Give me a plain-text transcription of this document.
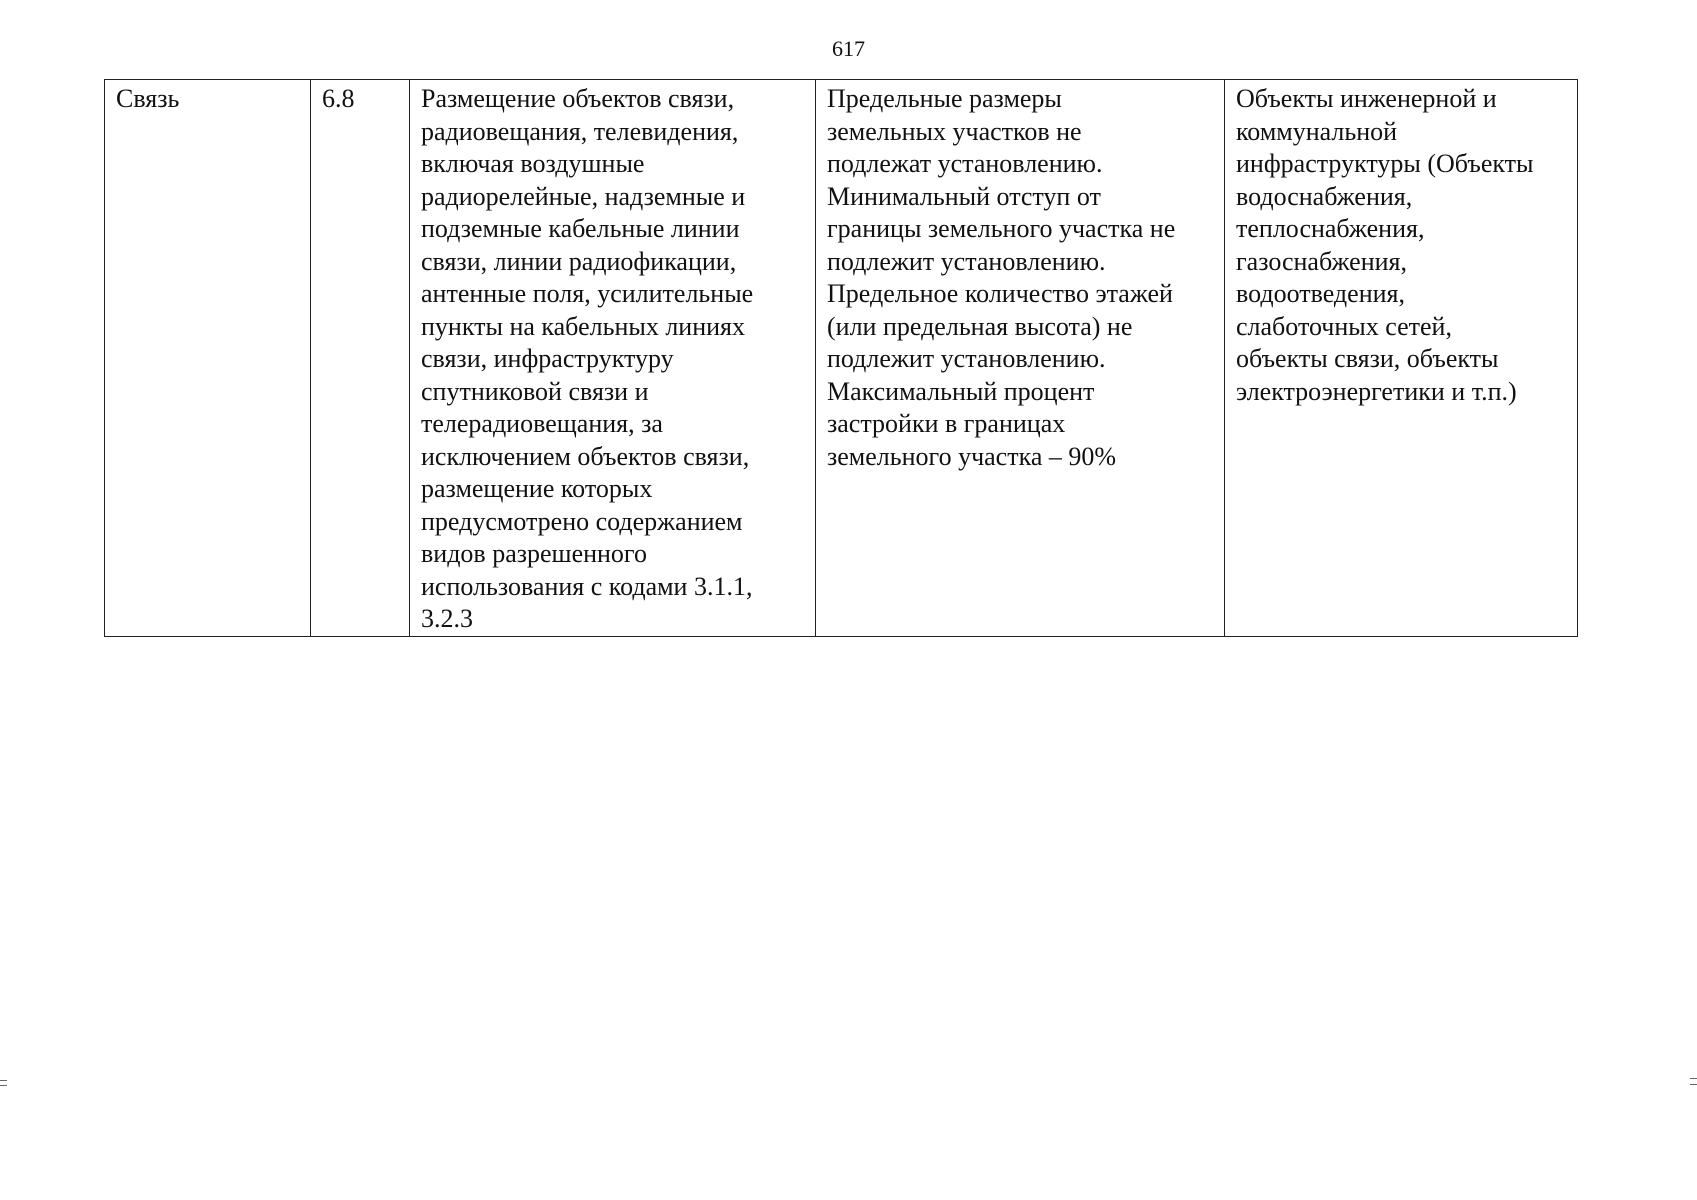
617
Связь	6.8	Размещение объектов связи,
радиовещания, телевидения,
включая воздушные
радиорелейные, надземные и
подземные кабельные линии
связи, линии радиофикации,
антенные поля, усилительные
пункты на кабельных линиях
связи, инфраструктуру
спутниковой связи и
телерадиовещания, за
исключением объектов связи,
размещение которых
предусмотрено содержанием
видов разрешенного
использования с кодами 3.1.1,
3.2.3	Предельные размеры
земельных участков не
подлежат установлению.
Минимальный отступ от
границы земельного участка не
подлежит установлению.
Предельное количество этажей
(или предельная высота) не
подлежит установлению.
Максимальный процент
застройки в границах
земельного участка – 90%	Объекты инженерной и
коммунальной
инфраструктуры (Объекты
водоснабжения,
теплоснабжения,
газоснабжения,
водоотведения,
слаботочных сетей,
объекты связи, объекты
электроэнергетики и т.п.)
